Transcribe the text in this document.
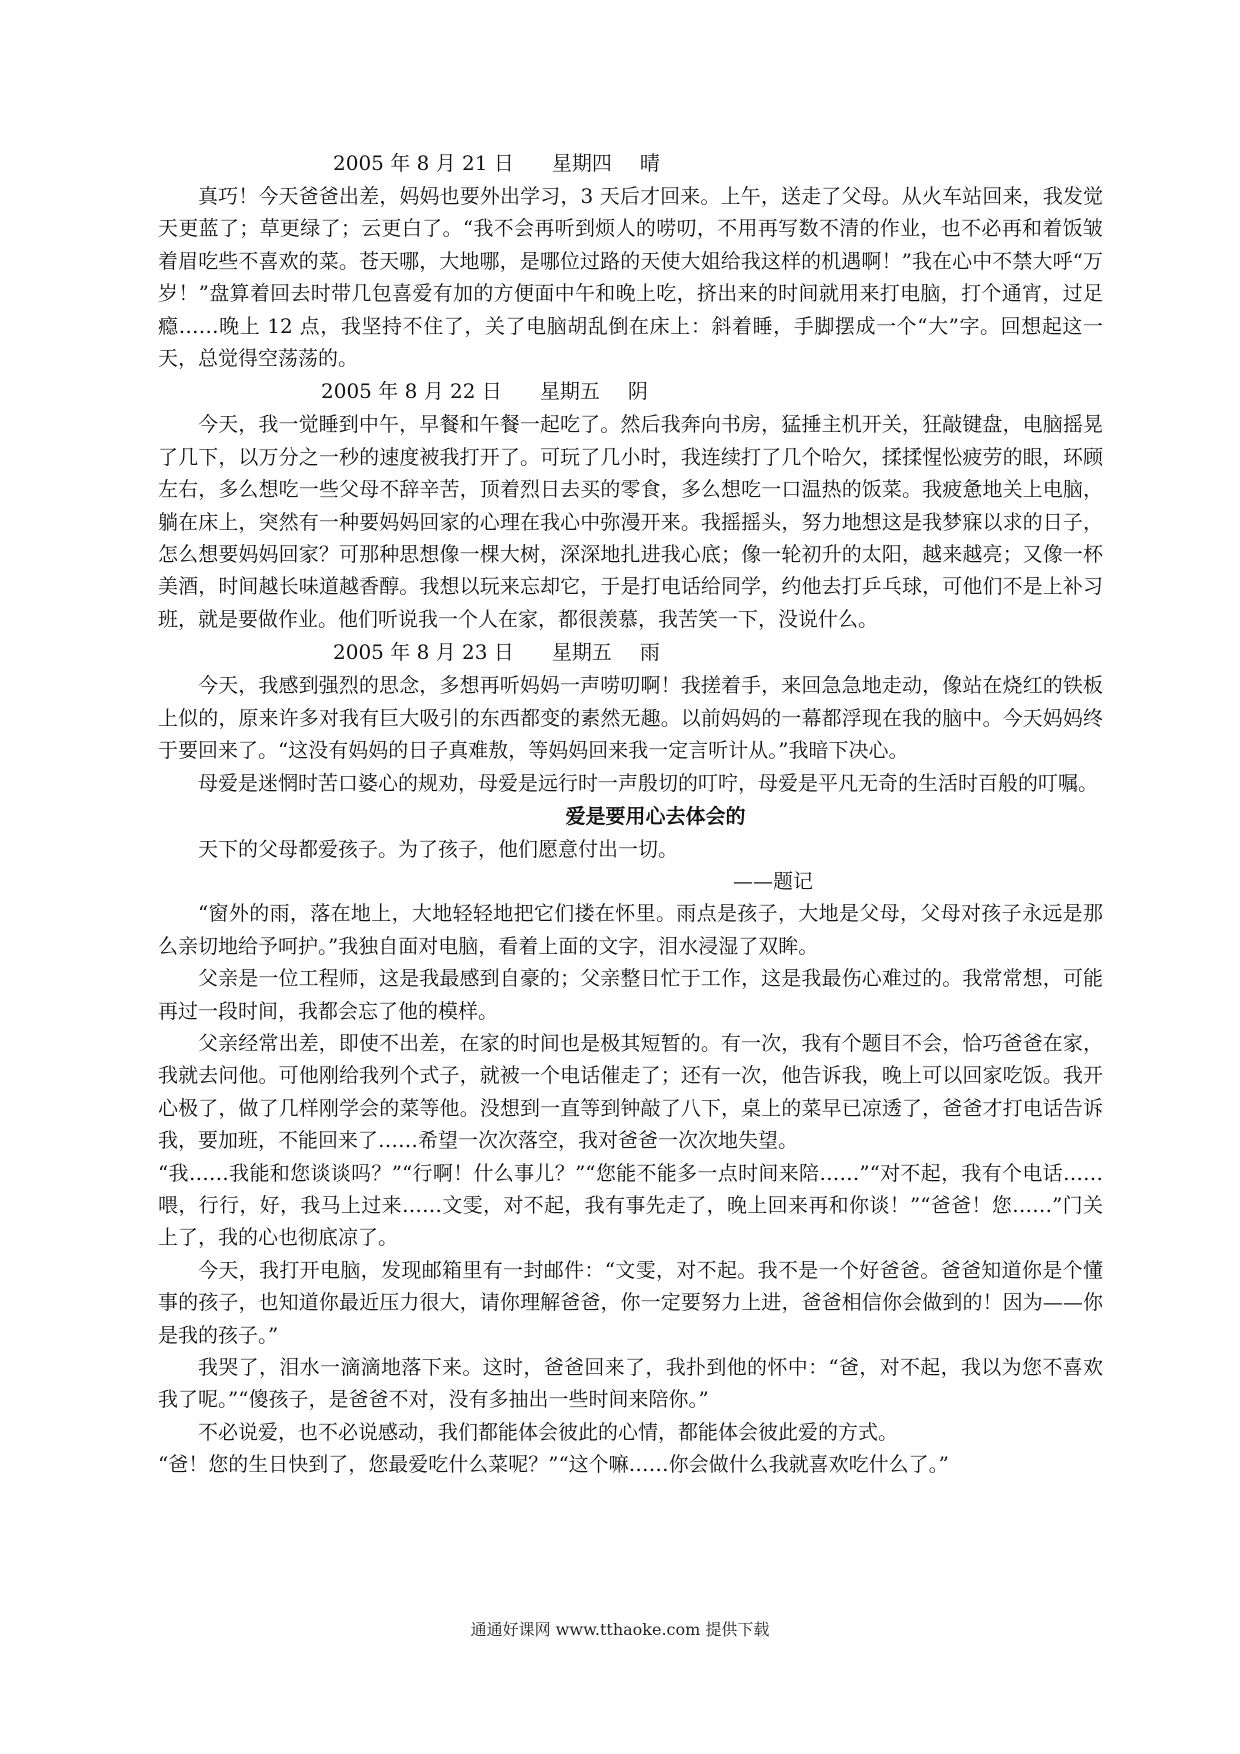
2005 年 8 月 21 日 星期四 晴

真巧！今天爸爸出差，妈妈也要外出学习，3 天后才回来。上午，送走了父母。从火车站回来，我发觉天更蓝了；草更绿了；云更白了。“我不会再听到烦人的唠叨，不用再写数不清的作业，也不必再和着饭皱着眉吃些不喜欢的菜。苍天哪，大地哪，是哪位过路的天使大姐给我这样的机遇啊！”我在心中不禁大呼“万岁！”盘算着回去时带几包喜爱有加的方便面中午和晚上吃，挤出来的时间就用来打电脑，打个通宵，过足瘾……晚上 12 点，我坚持不住了，关了电脑胡乱倒在床上：斜着睡，手脚摆成一个“大”字。回想起这一天，总觉得空荡荡的。

2005 年 8 月 22 日 星期五 阴

今天，我一觉睡到中午，早餐和午餐一起吃了。然后我奔向书房，猛捶主机开关，狂敲键盘，电脑摇晃了几下，以万分之一秒的速度被我打开了。可玩了几小时，我连续打了几个哈欠，揉揉惺忪疲劳的眼，环顾左右，多么想吃一些父母不辞辛苦，顶着烈日去买的零食，多么想吃一口温热的饭菜。我疲惫地关上电脑，躺在床上，突然有一种要妈妈回家的心理在我心中弥漫开来。我摇摇头，努力地想这是我梦寐以求的日子，怎么想要妈妈回家？可那种思想像一棵大树，深深地扎进我心底；像一轮初升的太阳，越来越亮；又像一杯美酒，时间越长味道越香醇。我想以玩来忘却它，于是打电话给同学，约他去打乒乓球，可他们不是上补习班，就是要做作业。他们听说我一个人在家，都很羡慕，我苦笑一下，没说什么。

2005 年 8 月 23 日 星期五 雨

今天，我感到强烈的思念，多想再听妈妈一声唠叨啊！我搓着手，来回急急地走动，像站在烧红的铁板上似的，原来许多对我有巨大吸引的东西都变的素然无趣。以前妈妈的一幕都浮现在我的脑中。今天妈妈终于要回来了。“这没有妈妈的日子真难敖，等妈妈回来我一定言听计从。”我暗下决心。

母爱是迷惘时苦口婆心的规劝，母爱是远行时一声殷切的叮咛，母爱是平凡无奇的生活时百般的叮嘱。

爱是要用心去体会的

天下的父母都爱孩子。为了孩子，他们愿意付出一切。

——题记

“窗外的雨，落在地上，大地轻轻地把它们搂在怀里。雨点是孩子，大地是父母，父母对孩子永远是那么亲切地给予呵护。”我独自面对电脑，看着上面的文字，泪水浸湿了双眸。

父亲是一位工程师，这是我最感到自豪的；父亲整日忙于工作，这是我最伤心难过的。我常常想，可能再过一段时间，我都会忘了他的模样。

父亲经常出差，即使不出差，在家的时间也是极其短暂的。有一次，我有个题目不会，恰巧爸爸在家，我就去问他。可他刚给我列个式子，就被一个电话催走了；还有一次，他告诉我，晚上可以回家吃饭。我开心极了，做了几样刚学会的菜等他。没想到一直等到钟敲了八下，桌上的菜早已凉透了，爸爸才打电话告诉我，要加班，不能回来了……希望一次次落空，我对爸爸一次次地失望。

“我……我能和您谈谈吗？”“行啊！什么事儿？”“您能不能多一点时间来陪……”“对不起，我有个电话……喂，行行，好，我马上过来……文雯，对不起，我有事先走了，晚上回来再和你谈！”“爸爸！您……”门关上了，我的心也彻底凉了。

今天，我打开电脑，发现邮箱里有一封邮件：“文雯，对不起。我不是一个好爸爸。爸爸知道你是个懂事的孩子，也知道你最近压力很大，请你理解爸爸，你一定要努力上进，爸爸相信你会做到的！因为——你是我的孩子。”

我哭了，泪水一滴滴地落下来。这时，爸爸回来了，我扑到他的怀中：“爸，对不起，我以为您不喜欢我了呢。”“傻孩子，是爸爸不对，没有多抽出一些时间来陪你。”

不必说爱，也不必说感动，我们都能体会彼此的心情，都能体会彼此爱的方式。

“爸！您的生日快到了，您最爱吃什么菜呢？”“这个嘛……你会做什么我就喜欢吃什么了。”

通通好课网 www.tthaoke.com 提供下载
